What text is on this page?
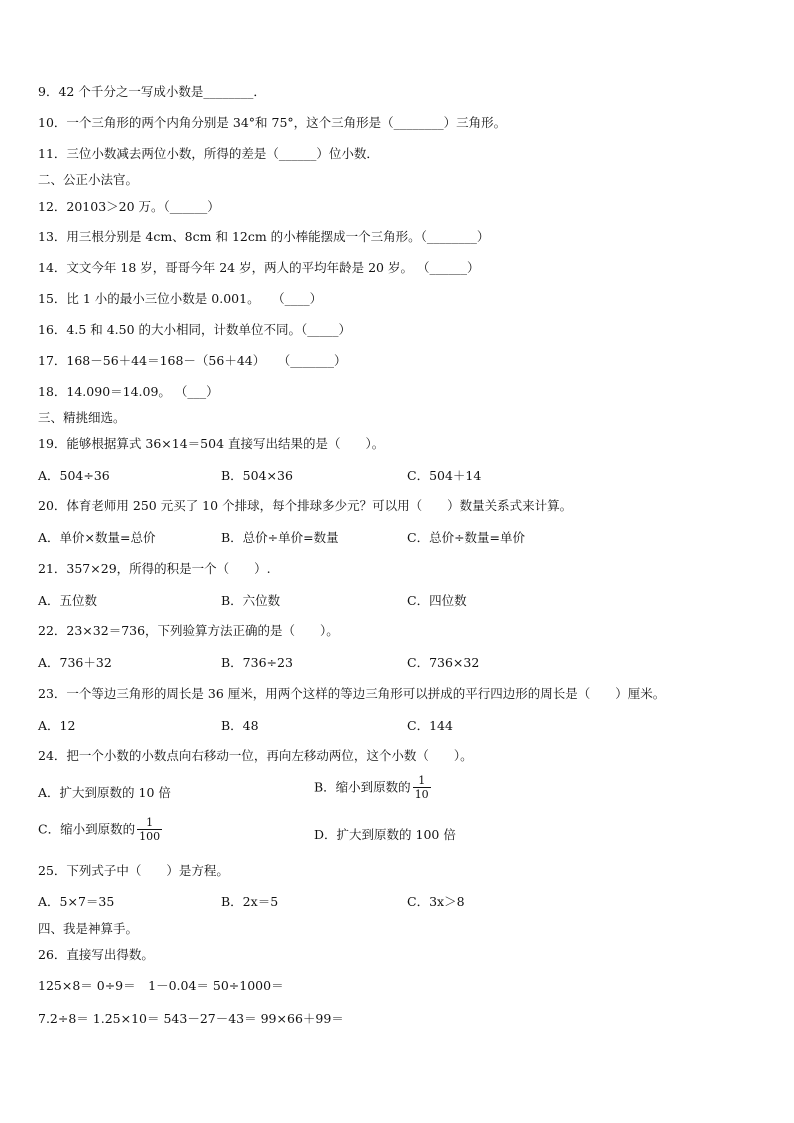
9．42 个千分之一写成小数是________．
10．一个三角形的两个内角分别是 34°和 75°，这个三角形是（________）三角形。
11．三位小数减去两位小数，所得的差是（______）位小数．
二、公正小法官。
12．20103＞20 万。（______）
13．用三根分别是 4cm、8cm 和 12cm 的小棒能摆成一个三角形。（________）
14．文文今年 18 岁，哥哥今年 24 岁，两人的平均年龄是 20 岁。 （______）
15．比 1 小的最小三位小数是 0.001。　　（____）
16．4.5 和 4.50 的大小相同，计数单位不同。（_____）
17．168－56＋44＝168－（56＋44）　　（_______）
18．14.090＝14.09。 （___）
三、精挑细选。
19．能够根据算式 36×14＝504 直接写出结果的是（　　）。
A．504÷36	B．504×36	C．504＋14
20．体育老师用 250 元买了 10 个排球，每个排球多少元？可以用（　　）数量关系式来计算。
A．单价×数量=总价	B．总价÷单价=数量	C．总价÷数量=单价
21．357×29，所得的积是一个（　　）.
A．五位数	B．六位数	C．四位数
22．23×32＝736，下列验算方法正确的是（　　）。
A．736＋32	B．736÷23	C．736×32
23．一个等边三角形的周长是 36 厘米，用两个这样的等边三角形可以拼成的平行四边形的周长是（　　）厘米。
A．12	B．48	C．144
24．把一个小数的小数点向右移动一位，再向左移动两位，这个小数（　　）。
A．扩大到原数的 10 倍	B．缩小到原数的 $\frac{1}{10}$
C．缩小到原数的 $\frac{1}{100}$	D．扩大到原数的 100 倍
25．下列式子中（　　）是方程。
A．5×7＝35	B．2x＝5	C．3x＞8
四、我是神算手。
26．直接写出得数。
125×8＝ 0÷9＝　1－0.04＝ 50÷1000＝
7.2÷8＝ 1.25×10＝ 543－27－43＝ 99×66＋99＝
